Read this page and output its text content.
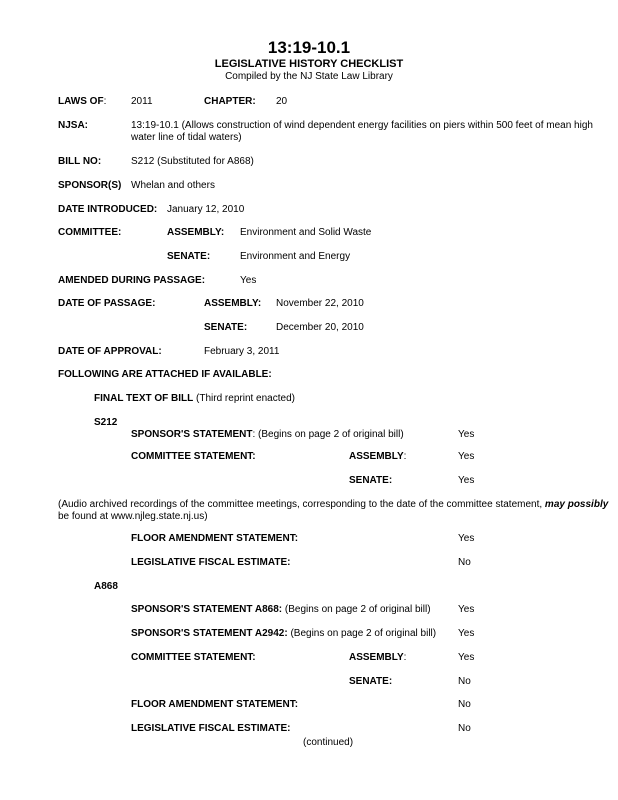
13:19-10.1
LEGISLATIVE HISTORY CHECKLIST
Compiled by the NJ State Law Library
LAWS OF: 2011	CHAPTER: 20
NJSA:	13:19-10.1 (Allows construction of wind dependent energy facilities on piers within 500 feet of mean high water line of tidal waters)
BILL NO:	S212 (Substituted for A868)
SPONSOR(S) Whelan and others
DATE INTRODUCED: January 12, 2010
COMMITTEE:	ASSEMBLY: Environment and Solid Waste
SENATE:	Environment and Energy
AMENDED DURING PASSAGE:	Yes
DATE OF PASSAGE:	ASSEMBLY: November 22, 2010
SENATE:	December 20, 2010
DATE OF APPROVAL:	February 3, 2011
FOLLOWING ARE ATTACHED IF AVAILABLE:
FINAL TEXT OF BILL (Third reprint enacted)
S212
SPONSOR'S STATEMENT: (Begins on page 2 of original bill)	Yes
COMMITTEE STATEMENT:	ASSEMBLY:	Yes
SENATE:	Yes
(Audio archived recordings of the committee meetings, corresponding to the date of the committee statement, may possibly be found at www.njleg.state.nj.us)
FLOOR AMENDMENT STATEMENT:	Yes
LEGISLATIVE FISCAL ESTIMATE:	No
A868
SPONSOR'S STATEMENT A868: (Begins on page 2 of original bill)	Yes
SPONSOR'S STATEMENT A2942: (Begins on page 2 of original bill) Yes
COMMITTEE STATEMENT:	ASSEMBLY:	Yes
SENATE:	No
FLOOR AMENDMENT STATEMENT:	No
LEGISLATIVE FISCAL ESTIMATE:	No
(continued)
